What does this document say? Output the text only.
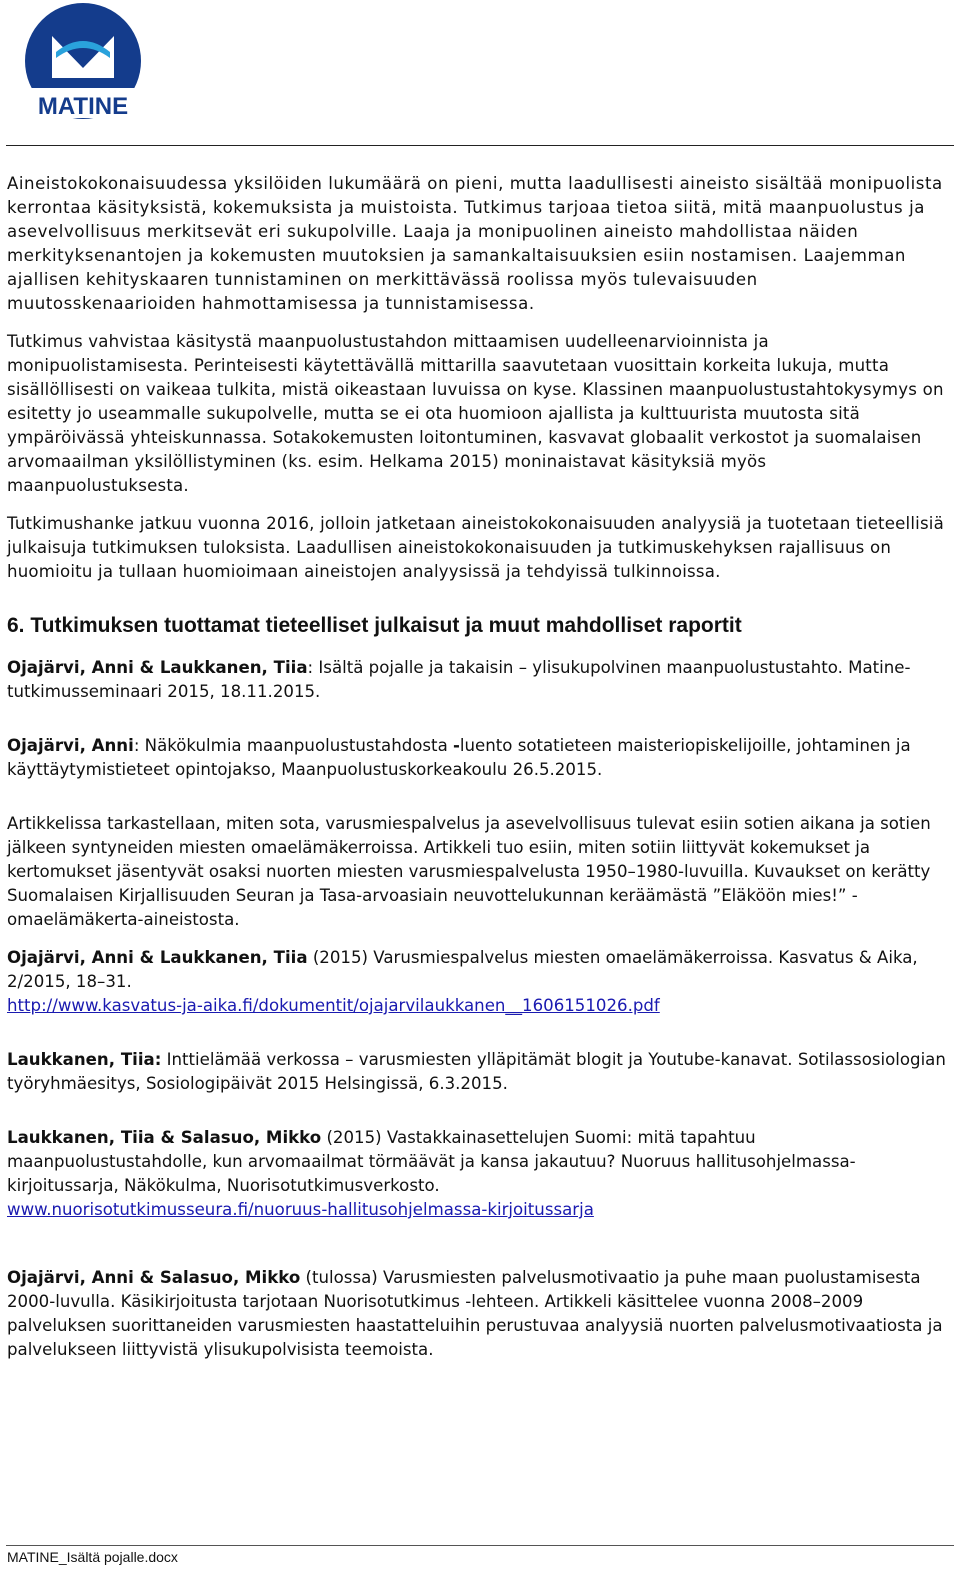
MATINE

Aineistokokonaisuudessa yksilöiden lukumäärä on pieni, mutta laadullisesti aineisto sisältää monipuolista kerrontaa käsityksistä, kokemuksista ja muistoista. Tutkimus tarjoaa tietoa siitä, mitä maanpuolustus ja asevelvollisuus merkitsevät eri sukupolville. Laaja ja monipuolinen aineisto mahdollistaa näiden merkityksenantojen ja kokemusten muutoksien ja samankaltaisuuksien esiin nostamisen. Laajemman ajallisen kehityskaaren tunnistaminen on merkittävässä roolissa myös tulevaisuuden muutosskenaarioiden hahmottamisessa ja tunnistamisessa.

Tutkimus vahvistaa käsitystä maanpuolustustahdon mittaamisen uudelleenarvioinnista ja monipuolistamisesta. Perinteisesti käytettävällä mittarilla saavutetaan vuosittain korkeita lukuja, mutta sisällöllisesti on vaikeaa tulkita, mistä oikeastaan luvuissa on kyse. Klassinen maanpuolustustahtokysymys on esitetty jo useammalle sukupolvelle, mutta se ei ota huomioon ajallista ja kulttuurista muutosta sitä ympäröivässä yhteiskunnassa. Sotakokemusten loitontuminen, kasvavat globaalit verkostot ja suomalaisen arvomaailman yksilöllistyminen (ks. esim. Helkama 2015) moninaistavat käsityksiä myös maanpuolustuksesta.

Tutkimushanke jatkuu vuonna 2016, jolloin jatketaan aineistokokonaisuuden analyysiä ja tuotetaan tieteellisiä julkaisuja tutkimuksen tuloksista. Laadullisen aineistokokonaisuuden ja tutkimuskehyksen rajallisuus on huomioitu ja tullaan huomioimaan aineistojen analyysissä ja tehdyissä tulkinnoissa.

6. Tutkimuksen tuottamat tieteelliset julkaisut ja muut mahdolliset raportit

Ojajärvi, Anni & Laukkanen, Tiia: Isältä pojalle ja takaisin – ylisukupolvinen maanpuolustustahto. Matine-tutkimusseminaari 2015, 18.11.2015.

Ojajärvi, Anni: Näkökulmia maanpuolustustahdosta -luento sotatieteen maisteriopiskelijoille, johtaminen ja käyttäytymistieteet opintojakso, Maanpuolustuskorkeakoulu 26.5.2015.

Artikkelissa tarkastellaan, miten sota, varusmiespalvelus ja asevelvollisuus tulevat esiin sotien aikana ja sotien jälkeen syntyneiden miesten omaelämäkerroissa. Artikkeli tuo esiin, miten sotiin liittyvät kokemukset ja kertomukset jäsentyvät osaksi nuorten miesten varusmiespalvelusta 1950–1980-luvuilla. Kuvaukset on kerätty Suomalaisen Kirjallisuuden Seuran ja Tasa-arvoasiain neuvottelukunnan keräämästä ”Eläköön mies!” -omaelämäkerta-aineistosta.

Ojajärvi, Anni & Laukkanen, Tiia (2015) Varusmiespalvelus miesten omaelämäkerroissa. Kasvatus & Aika, 2/2015, 18–31.
http://www.kasvatus-ja-aika.fi/dokumentit/ojajarvilaukkanen__1606151026.pdf

Laukkanen, Tiia: Inttielämää verkossa – varusmiesten ylläpitämät blogit ja Youtube-kanavat. Sotilassosiologian työryhmäesitys, Sosiologipäivät 2015 Helsingissä, 6.3.2015.

Laukkanen, Tiia & Salasuo, Mikko (2015) Vastakkainasettelujen Suomi: mitä tapahtuu maanpuolustustahdolle, kun arvomaailmat törmäävät ja kansa jakautuu? Nuoruus hallitusohjelmassa-kirjoitussarja, Näkökulma, Nuorisotutkimusverkosto.
www.nuorisotutkimusseura.fi/nuoruus-hallitusohjelmassa-kirjoitussarja

Ojajärvi, Anni & Salasuo, Mikko (tulossa) Varusmiesten palvelusmotivaatio ja puhe maan puolustamisesta 2000-luvulla. Käsikirjoitusta tarjotaan Nuorisotutkimus -lehteen. Artikkeli käsittelee vuonna 2008–2009 palveluksen suorittaneiden varusmiesten haastatteluihin perustuvaa analyysiä nuorten palvelusmotivaatiosta ja palvelukseen liittyvistä ylisukupolvisista teemoista.

MATINE_Isältä pojalle.docx
